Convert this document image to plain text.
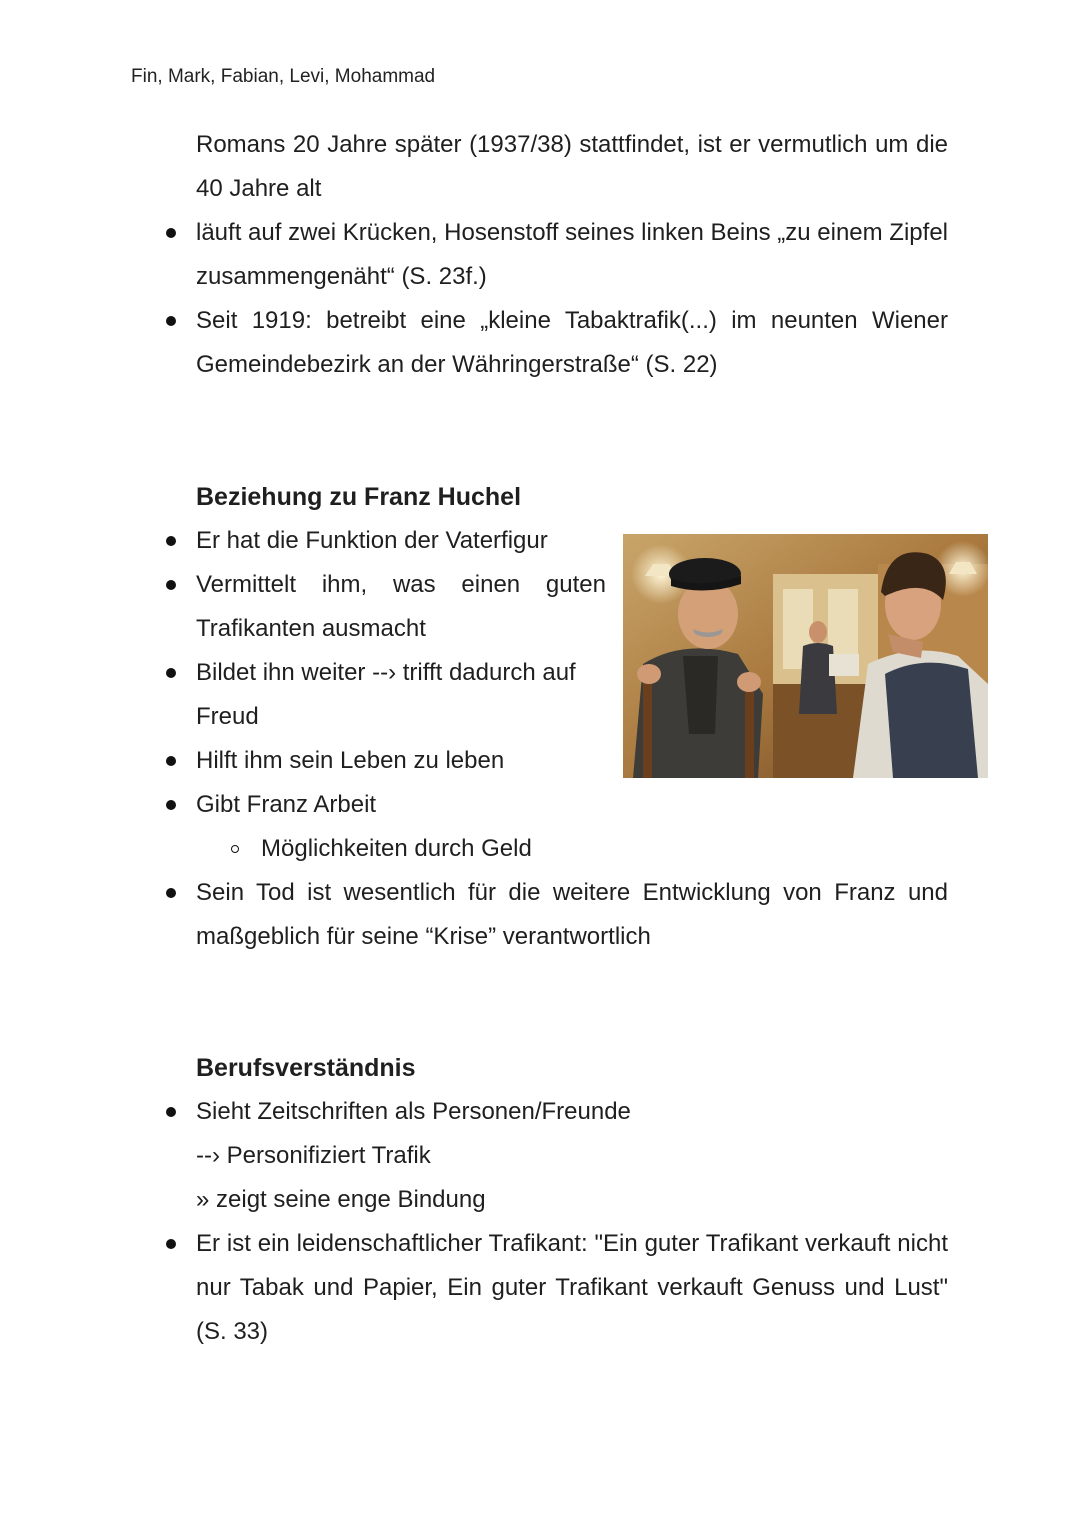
Fin, Mark, Fabian, Levi, Mohammad
Romans 20 Jahre später (1937/38) stattfindet, ist er vermutlich um die 40 Jahre alt
läuft auf zwei Krücken, Hosenstoff seines linken Beins „zu einem Zipfel zusammengenäht“ (S. 23f.)
Seit 1919: betreibt eine „kleine Tabaktrafik(...) im neunten Wiener Gemeindebezirk an der Währingerstraße“ (S. 22)
Beziehung zu Franz Huchel
Er hat die Funktion der Vaterfigur
Vermittelt ihm, was einen guten Trafikanten ausmacht
Bildet ihn weiter --› trifft dadurch auf Freud
Hilft ihm sein Leben zu leben
Gibt Franz Arbeit
Möglichkeiten durch Geld
Sein Tod ist wesentlich für die weitere Entwicklung von Franz und maßgeblich für seine “Krise” verantwortlich
Berufsverständnis
Sieht Zeitschriften als Personen/Freunde
--› Personifiziert Trafik
» zeigt seine enge Bindung
Er ist ein leidenschaftlicher Trafikant: "Ein guter Trafikant verkauft nicht nur Tabak und Papier, Ein guter Trafikant verkauft Genuss und Lust" (S. 33)
